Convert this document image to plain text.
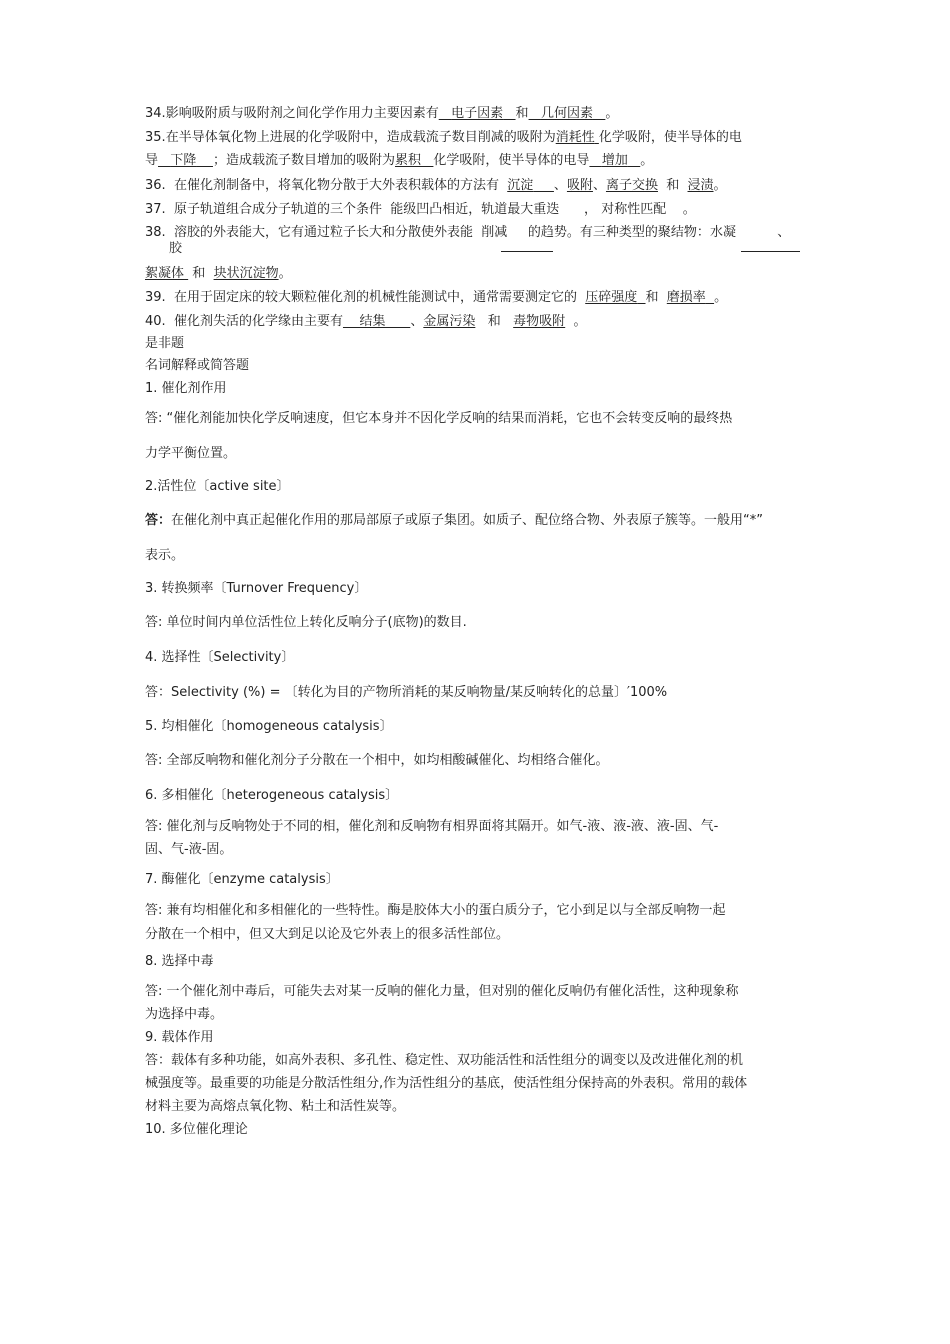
34.影响吸附质与吸附剂之间化学作用力主要因素有 电子因素 和 几何因素 。
35.在半导体氧化物上进展的化学吸附中，造成载流子数目削减的吸附为消耗性 化学吸附，使半导体的电
导 下降 ；造成载流子数目增加的吸附为累积 化学吸附，使半导体的电导 增加 。
36. 在催化剂制备中，将氧化物分散于大外表积载体的方法有 沉淀 、吸附、离子交换 和 浸渍。
37. 原子轨道组合成分子轨道的三个条件 能级凹凸相近，轨道最大重迭 ， 对称性匹配 。
38. 溶胶的外表能大，它有通过粒子长大和分散使外表能 削减 的趋势。有三种类型的聚结物：水凝	、
胶
絮凝体 和 块状沉淀物。
39. 在用于固定床的较大颗粒催化剂的机械性能测试中，通常需要测定它的 压碎强度 和 磨损率 。
40. 催化剂失活的化学缘由主要有 结集 、金属污染 和 毒物吸附 。
是非题
名词解释或简答题
1. 催化剂作用
答: “催化剂能加快化学反响速度，但它本身并不因化学反响的结果而消耗，它也不会转变反响的最终热
力学平衡位置。
2.活性位〔active site〕
答：在催化剂中真正起催化作用的那局部原子或原子集团。如质子、配位络合物、外表原子簇等。一般用“*”
表示。
3. 转换频率〔Turnover Frequency〕
答: 单位时间内单位活性位上转化反响分子(底物)的数目.
4. 选择性〔Selectivity〕
答：Selectivity (%) = 〔转化为目的产物所消耗的某反响物量/某反响转化的总量〕′100%
5. 均相催化〔homogeneous catalysis〕
答: 全部反响物和催化剂分子分散在一个相中，如均相酸碱催化、均相络合催化。
6. 多相催化〔heterogeneous catalysis〕
答: 催化剂与反响物处于不同的相，催化剂和反响物有相界面将其隔开。如气-液、液-液、液-固、气-
固、气-液-固。
7. 酶催化〔enzyme catalysis〕
答: 兼有均相催化和多相催化的一些特性。酶是胶体大小的蛋白质分子，它小到足以与全部反响物一起
分散在一个相中，但又大到足以论及它外表上的很多活性部位。
8. 选择中毒
答: 一个催化剂中毒后，可能失去对某一反响的催化力量，但对别的催化反响仍有催化活性，这种现象称
为选择中毒。
9. 载体作用
答：载体有多种功能，如高外表积、多孔性、稳定性、双功能活性和活性组分的调变以及改进催化剂的机
械强度等。最重要的功能是分散活性组分,作为活性组分的基底，使活性组分保持高的外表积。常用的载体
材料主要为高熔点氧化物、粘土和活性炭等。
10. 多位催化理论
